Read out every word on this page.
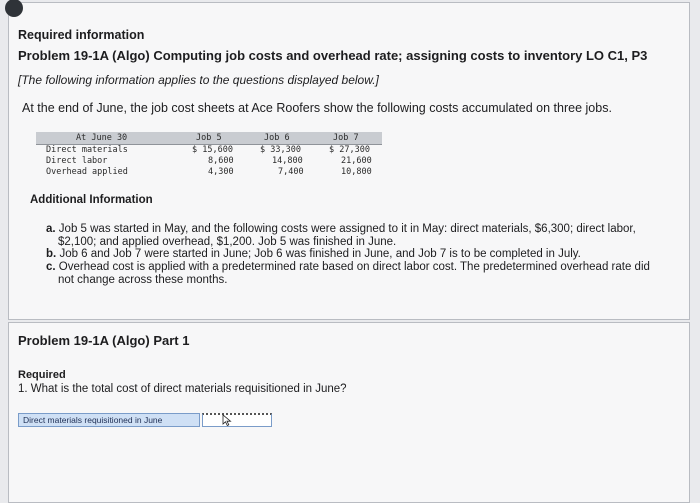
Required information
Problem 19-1A (Algo) Computing job costs and overhead rate; assigning costs to inventory LO C1, P3
[The following information applies to the questions displayed below.]
At the end of June, the job cost sheets at Ace Roofers show the following costs accumulated on three jobs.
At June 30	Job 5	Job 6	Job 7
Direct materials	$ 15,600	$ 33,300	$ 27,300
Direct labor	8,600	14,800	21,600
Overhead applied	4,300	7,400	10,800
Additional Information
a. Job 5 was started in May, and the following costs were assigned to it in May: direct materials, $6,300; direct labor,
$2,100; and applied overhead, $1,200. Job 5 was finished in June.
b. Job 6 and Job 7 were started in June; Job 6 was finished in June, and Job 7 is to be completed in July.
c. Overhead cost is applied with a predetermined rate based on direct labor cost. The predetermined overhead rate did
not change across these months.
Problem 19-1A (Algo) Part 1
Required
1. What is the total cost of direct materials requisitioned in June?
Direct materials requisitioned in June
